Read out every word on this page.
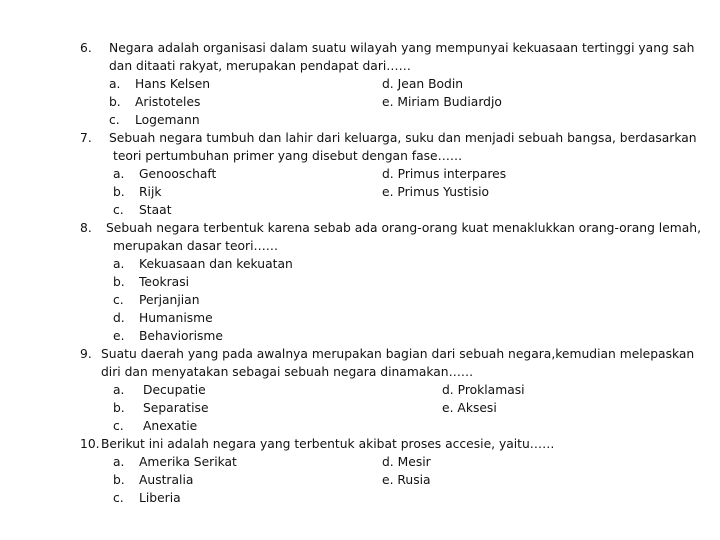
6. Negara adalah organisasi dalam suatu wilayah yang mempunyai kekuasaan tertinggi yang sah
dan ditaati rakyat, merupakan pendapat dari……
a. Hans Kelsen
b. Aristoteles
c. Logemann
d. Jean Bodin
e. Miriam Budiardjo
7. Sebuah negara tumbuh dan lahir dari keluarga, suku dan menjadi sebuah bangsa, berdasarkan
teori pertumbuhan primer yang disebut dengan fase……
a. Genooschaft
b. Rijk
c. Staat
d. Primus interpares
e. Primus Yustisio
8. Sebuah negara terbentuk karena sebab ada orang-orang kuat menaklukkan orang-orang lemah,
merupakan dasar teori……
a. Kekuasaan dan kekuatan
b. Teokrasi
c. Perjanjian
d. Humanisme
e. Behaviorisme
9. Suatu daerah yang pada awalnya merupakan bagian dari sebuah negara,kemudian melepaskan
diri dan menyatakan sebagai sebuah negara dinamakan……
a. Decupatie
b. Separatise
c. Anexatie
d. Proklamasi
e. Aksesi
10. Berikut ini adalah negara yang terbentuk akibat proses accesie, yaitu……
a. Amerika Serikat
b. Australia
c. Liberia
d. Mesir
e. Rusia
